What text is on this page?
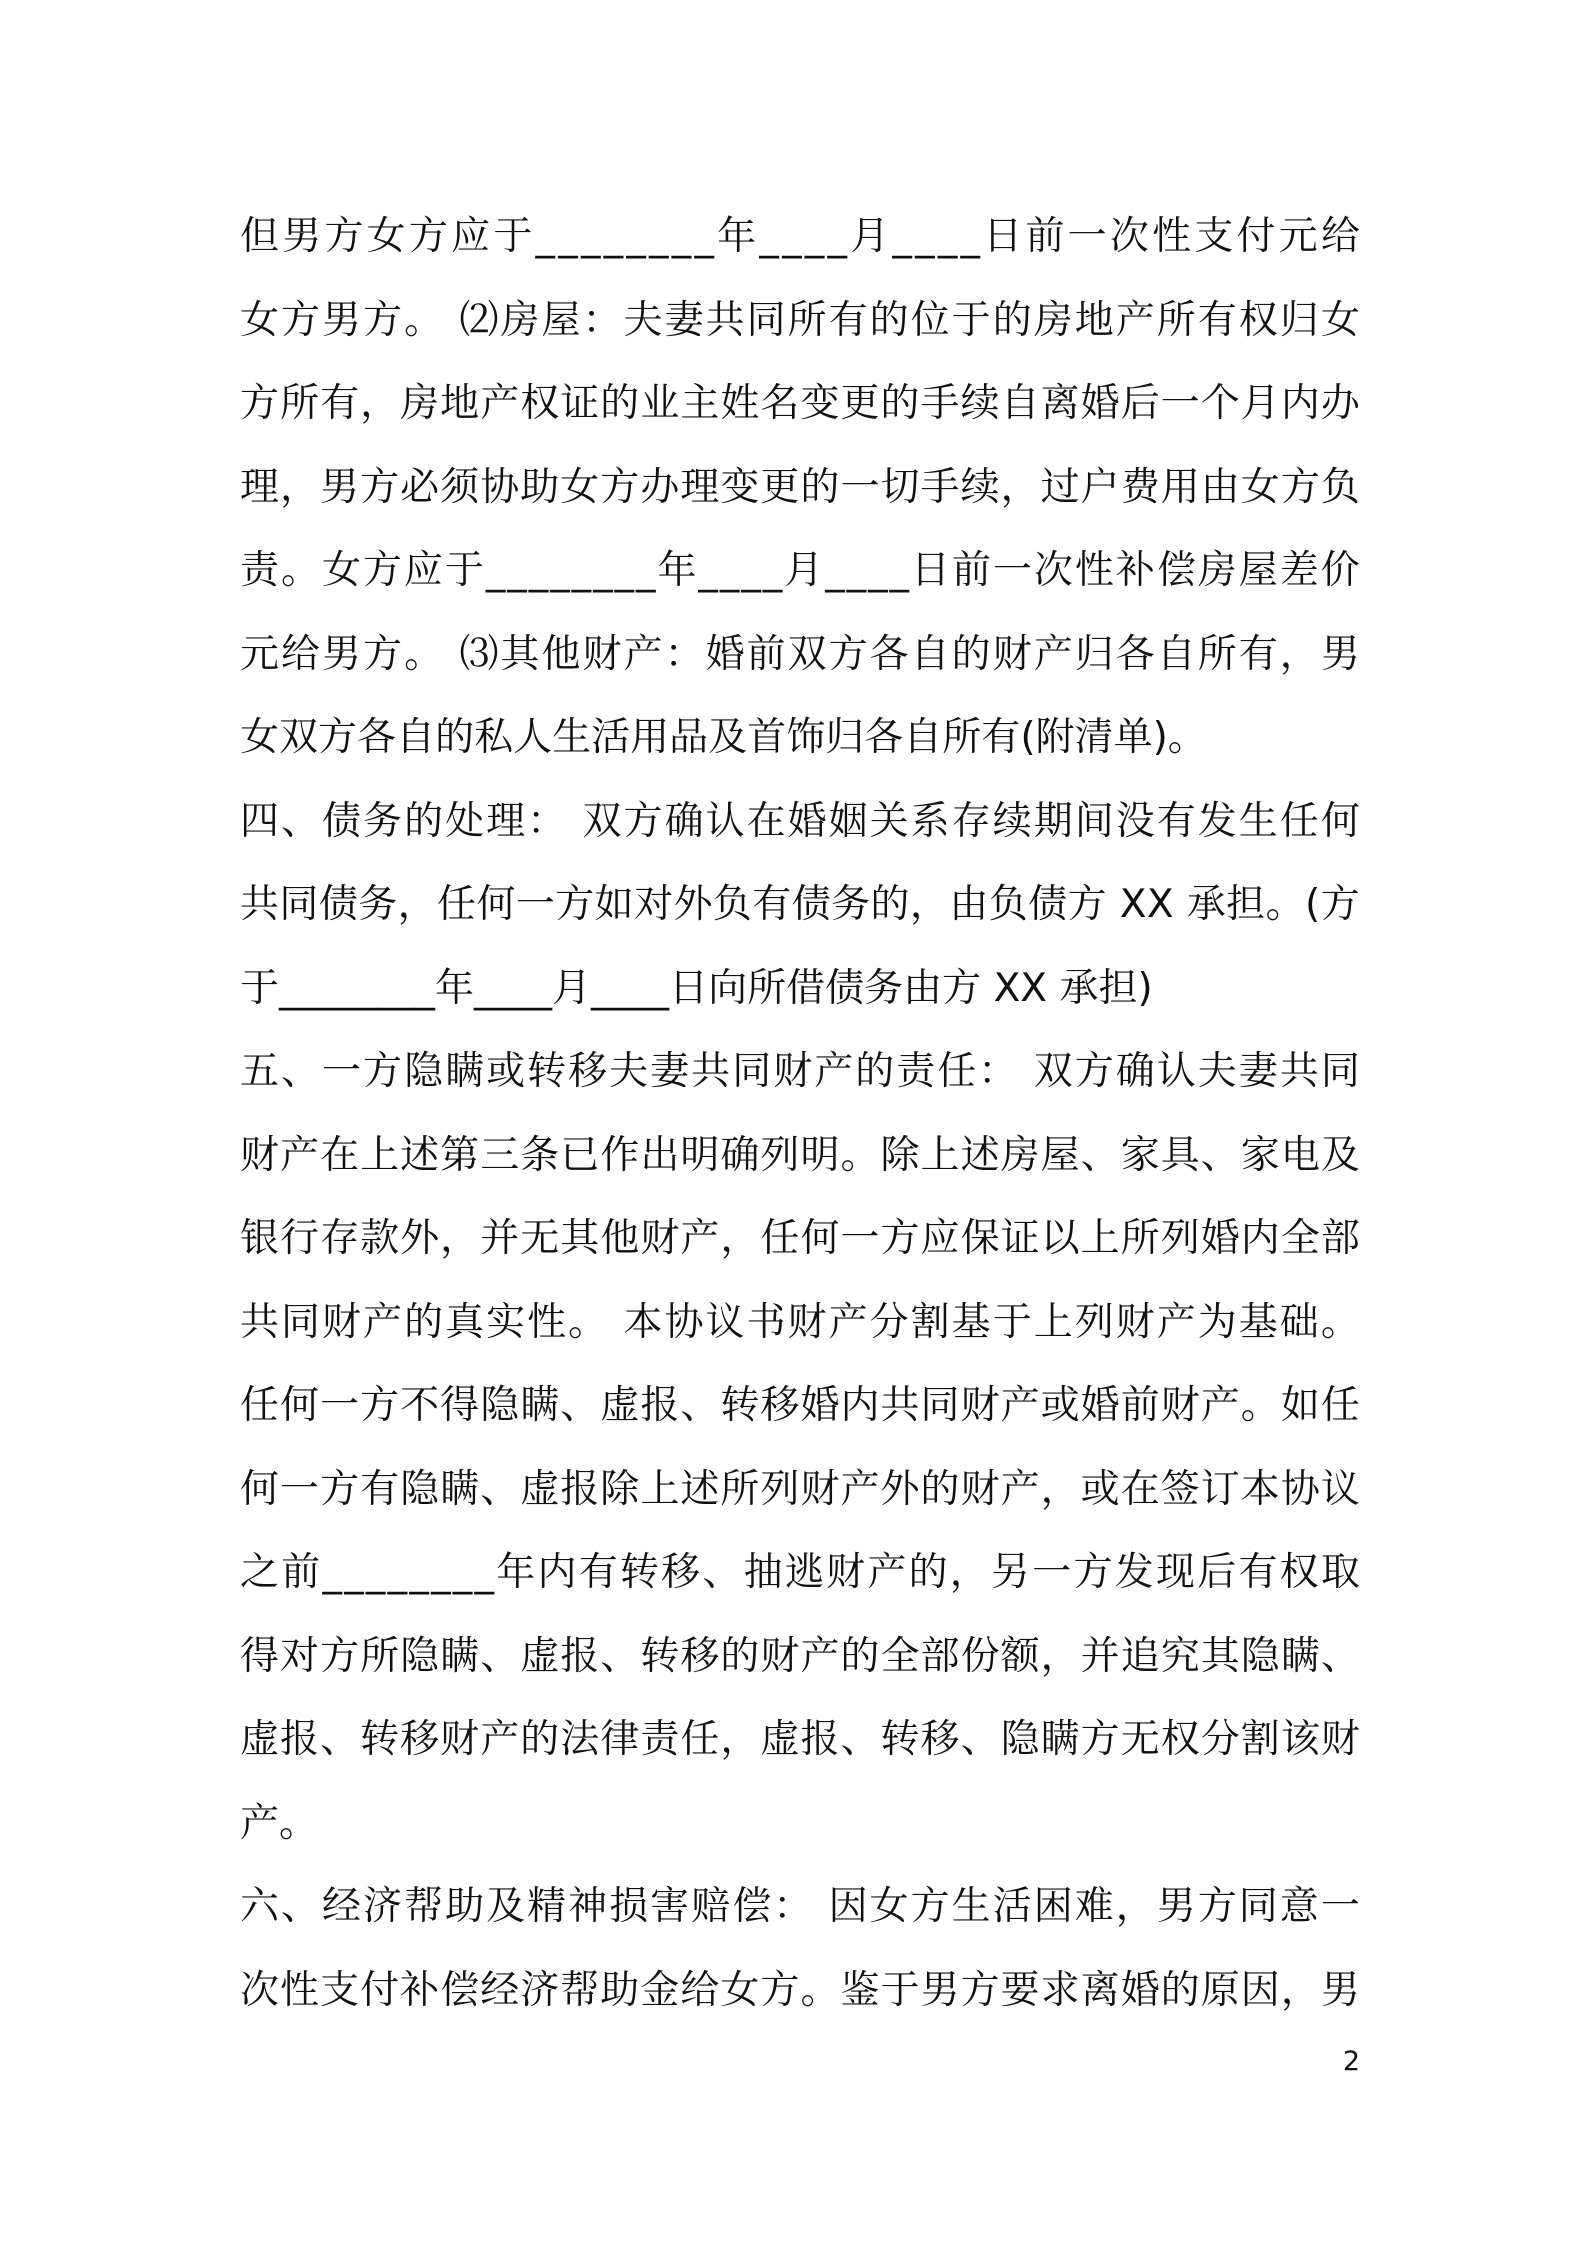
但 男 方 女 方 应 于 _ _ _ _ _ _ _ _ 年 _ _ _ _ 月 _ _ _ _ 日 前 一 次 性 支 付 元 给
女 方 男 方 。
⑵ 房 屋 ： 夫 妻 共 同 所 有 的 位 于 的 房 地 产 所 有 权 归 女
方 所 有 ， 房 地 产 权 证 的 业 主 姓 名 变 更 的 手 续 自 离 婚 后 一 个 月 内 办
理 ， 男 方 必 须 协 助 女 方 办 理 变 更 的 一 切 手 续 ， 过 户 费 用 由 女 方 负
责 。 女 方 应 于 _ _ _ _ _ _ _ _ 年 _ _ _ _ 月 _ _ _ _ 日 前 一 次 性 补 偿 房 屋 差 价
元 给 男 方 。
⑶ 其 他 财 产 ： 婚 前 双 方 各 自 的 财 产 归 各 自 所 有 ， 男
女双方各自的私人生活用品及首饰归各自所有(附清单)。
四 、 债 务 的 处 理 ：
双 方 确 认 在 婚 姻 关 系 存 续 期 间 没 有 发 生 任 何
共 同 债 务 ， 任 何 一 方 如 对 外 负 有 债 务 的 ， 由 负 债 方
X X
承 担 。 ( 方
于________年____月____日向所借债务由方 XX 承担)
五 、 一 方 隐 瞒 或 转 移 夫 妻 共 同 财 产 的 责 任 ：
双 方 确 认 夫 妻 共 同
财 产 在 上 述 第 三 条 已 作 出 明 确 列 明 。 除 上 述 房 屋 、 家 具 、 家 电 及
银 行 存 款 外 ， 并 无 其 他 财 产 ， 任 何 一 方 应 保 证 以 上 所 列 婚 内 全 部
共 同 财 产 的 真 实 性 。
本 协 议 书 财 产 分 割 基 于 上 列 财 产 为 基 础 。
任 何 一 方 不 得 隐 瞒 、 虚 报 、 转 移 婚 内 共 同 财 产 或 婚 前 财 产 。 如 任
何 一 方 有 隐 瞒 、 虚 报 除 上 述 所 列 财 产 外 的 财 产 ， 或 在 签 订 本 协 议
之 前 _ _ _ _ _ _ _ _ 年 内 有 转 移 、 抽 逃 财 产 的 ， 另 一 方 发 现 后 有 权 取
得 对 方 所 隐 瞒 、 虚 报 、 转 移 的 财 产 的 全 部 份 额 ， 并 追 究 其 隐 瞒 、
虚 报 、 转 移 财 产 的 法 律 责 任 ， 虚 报 、 转 移 、 隐 瞒 方 无 权 分 割 该 财
产。
六 、 经 济 帮 助 及 精 神 损 害 赔 偿 ：
因 女 方 生 活 困 难 ， 男 方 同 意 一
次 性 支 付 补 偿 经 济 帮 助 金 给 女 方 。 鉴 于 男 方 要 求 离 婚 的 原 因 ， 男
2
